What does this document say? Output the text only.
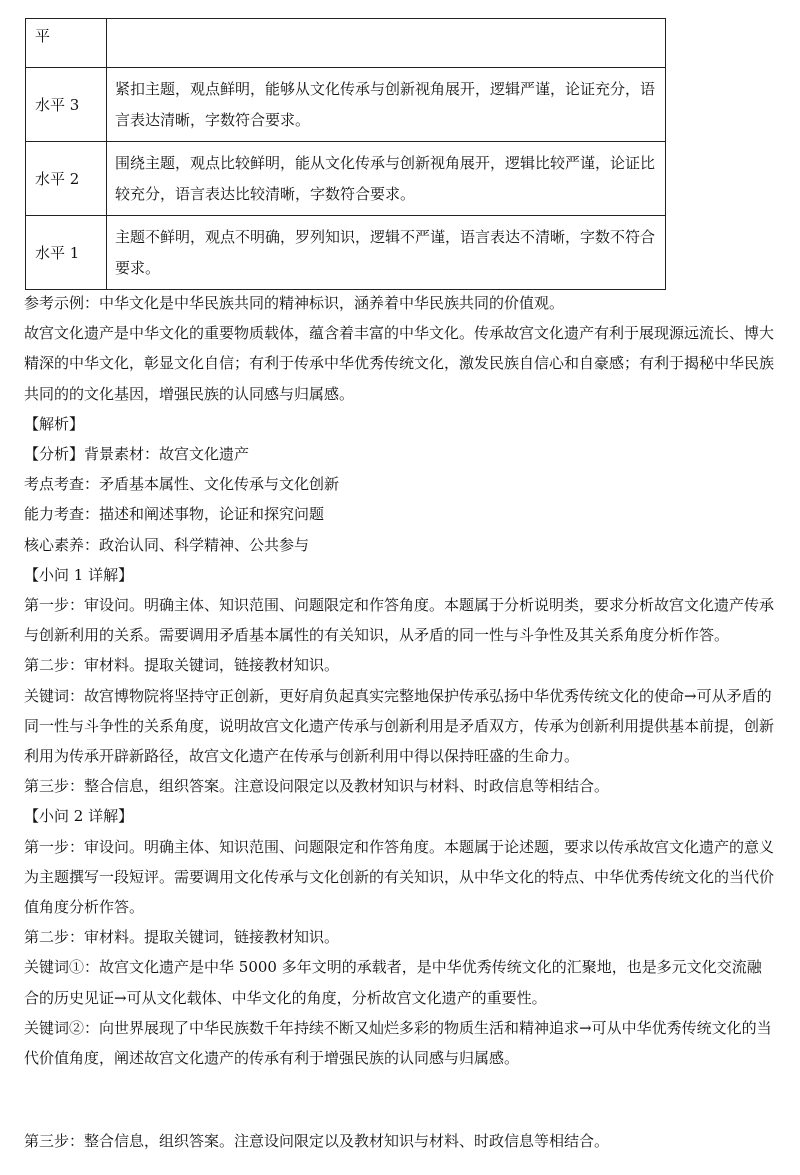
平	
水平 3	紧扣主题，观点鲜明，能够从文化传承与创新视角展开，逻辑严谨，论证充分，语言表达清晰，字数符合要求。
水平 2	围绕主题，观点比较鲜明，能从文化传承与创新视角展开，逻辑比较严谨，论证比较充分，语言表达比较清晰，字数符合要求。
水平 1	主题不鲜明，观点不明确，罗列知识，逻辑不严谨，语言表达不清晰，字数不符合要求。

参考示例：中华文化是中华民族共同的精神标识，涵养着中华民族共同的价值观。

故宫文化遗产是中华文化的重要物质载体，蕴含着丰富的中华文化。传承故宫文化遗产有利于展现源远流长、博大精深的中华文化，彰显文化自信；有利于传承中华优秀传统文化，激发民族自信心和自豪感；有利于揭秘中华民族共同的的文化基因，增强民族的认同感与归属感。

【解析】

【分析】背景素材：故宫文化遗产

考点考查：矛盾基本属性、文化传承与文化创新

能力考查：描述和阐述事物，论证和探究问题

核心素养：政治认同、科学精神、公共参与

【小问 1 详解】

第一步：审设问。明确主体、知识范围、问题限定和作答角度。本题属于分析说明类，要求分析故宫文化遗产传承与创新利用的关系。需要调用矛盾基本属性的有关知识，从矛盾的同一性与斗争性及其关系角度分析作答。

第二步：审材料。提取关键词，链接教材知识。

关键词：故宫博物院将坚持守正创新，更好肩负起真实完整地保护传承弘扬中华优秀传统文化的使命→可从矛盾的同一性与斗争性的关系角度，说明故宫文化遗产传承与创新利用是矛盾双方，传承为创新利用提供基本前提，创新利用为传承开辟新路径，故宫文化遗产在传承与创新利用中得以保持旺盛的生命力。

第三步：整合信息，组织答案。注意设问限定以及教材知识与材料、时政信息等相结合。

【小问 2 详解】

第一步：审设问。明确主体、知识范围、问题限定和作答角度。本题属于论述题，要求以传承故宫文化遗产的意义为主题撰写一段短评。需要调用文化传承与文化创新的有关知识，从中华文化的特点、中华优秀传统文化的当代价值角度分析作答。

第二步：审材料。提取关键词，链接教材知识。

关键词①：故宫文化遗产是中华 5000 多年文明的承载者，是中华优秀传统文化的汇聚地，也是多元文化交流融合的历史见证→可从文化载体、中华文化的角度，分析故宫文化遗产的重要性。

关键词②：向世界展现了中华民族数千年持续不断又灿烂多彩的物质生活和精神追求→可从中华优秀传统文化的当代价值角度，阐述故宫文化遗产的传承有利于增强民族的认同感与归属感。

第三步：整合信息，组织答案。注意设问限定以及教材知识与材料、时政信息等相结合。
